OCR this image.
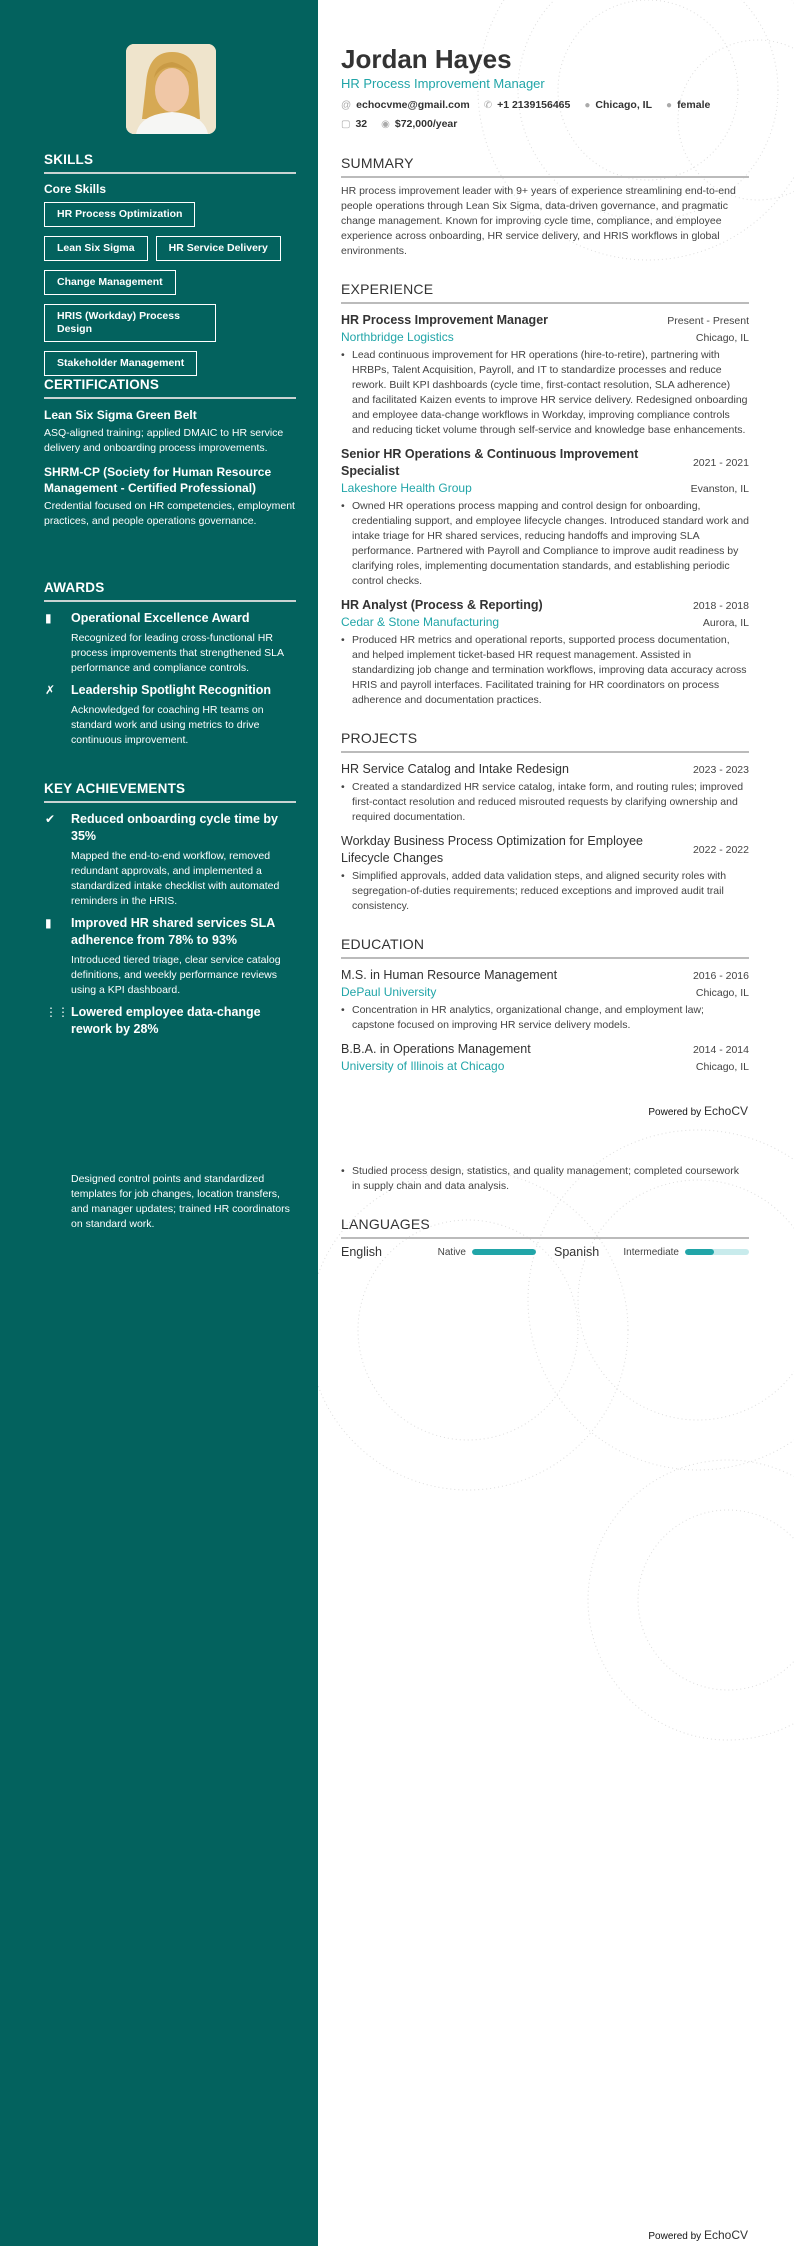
SKILLS
Core Skills
HR Process Optimization
Lean Six Sigma	HR Service Delivery
Change Management
HRIS (Workday) Process Design
Stakeholder Management
CERTIFICATIONS
Lean Six Sigma Green Belt
ASQ-aligned training; applied DMAIC to HR service delivery and onboarding process improvements.
SHRM-CP (Society for Human Resource Management - Certified Professional)
Credential focused on HR competencies, employment practices, and people operations governance.
AWARDS
▮	Operational Excellence Award
Recognized for leading cross-functional HR process improvements that strengthened SLA performance and compliance controls.
✗	Leadership Spotlight Recognition
Acknowledged for coaching HR teams on standard work and using metrics to drive continuous improvement.
KEY ACHIEVEMENTS
✔	Reduced onboarding cycle time by 35%
Mapped the end-to-end workflow, removed redundant approvals, and implemented a standardized intake checklist with automated reminders in the HRIS.
▮	Improved HR shared services SLA adherence from 78% to 93%
Introduced tiered triage, clear service catalog definitions, and weekly performance reviews using a KPI dashboard.
⋮⋮ Lowered employee data-change rework by 28%
Designed control points and standardized templates for job changes, location transfers, and manager updates; trained HR coordinators on standard work.
Jordan Hayes
HR Process Improvement Manager
@ echocvme@gmail.com ✆ +1 2139156465 ● Chicago, IL ● female
▢ 32 ◉ $72,000/year
SUMMARY
HR process improvement leader with 9+ years of experience streamlining end-to-end people operations through Lean Six Sigma, data-driven governance, and pragmatic change management. Known for improving cycle time, compliance, and employee experience across onboarding, HR service delivery, and HRIS workflows in global environments.
EXPERIENCE
HR Process Improvement Manager	Present - Present
Northbridge Logistics	Chicago, IL
• Lead continuous improvement for HR operations (hire-to-retire), partnering with HRBPs, Talent Acquisition, Payroll, and IT to standardize processes and reduce rework. Built KPI dashboards (cycle time, first-contact resolution, SLA adherence) and facilitated Kaizen events to improve HR service delivery. Redesigned onboarding and employee data-change workflows in Workday, improving compliance controls and reducing ticket volume through self-service and knowledge base enhancements.
Senior HR Operations & Continuous Improvement Specialist
2021 - 2021
Lakeshore Health Group	Evanston, IL
• Owned HR operations process mapping and control design for onboarding, credentialing support, and employee lifecycle changes. Introduced standard work and intake triage for HR shared services, reducing handoffs and improving SLA performance. Partnered with Payroll and Compliance to improve audit readiness by clarifying roles, implementing documentation standards, and establishing periodic control checks.
HR Analyst (Process & Reporting)	2018 - 2018
Cedar & Stone Manufacturing	Aurora, IL
• Produced HR metrics and operational reports, supported process documentation, and helped implement ticket-based HR request management. Assisted in standardizing job change and termination workflows, improving data accuracy across HRIS and payroll interfaces. Facilitated training for HR coordinators on process adherence and documentation practices.
PROJECTS
HR Service Catalog and Intake Redesign	2023 - 2023
• Created a standardized HR service catalog, intake form, and routing rules; improved first-contact resolution and reduced misrouted requests by clarifying ownership and required documentation.
Workday Business Process Optimization for Employee Lifecycle Changes
2022 - 2022
• Simplified approvals, added data validation steps, and aligned security roles with segregation-of-duties requirements; reduced exceptions and improved audit trail consistency.
EDUCATION
M.S. in Human Resource Management	2016 - 2016
DePaul University	Chicago, IL
• Concentration in HR analytics, organizational change, and employment law; capstone focused on improving HR service delivery models.
B.B.A. in Operations Management	2014 - 2014
University of Illinois at Chicago	Chicago, IL
Powered by EchoCV
• Studied process design, statistics, and quality management; completed coursework in supply chain and data analysis.
LANGUAGES
English	Native	Spanish Intermediate
Powered by EchoCV
